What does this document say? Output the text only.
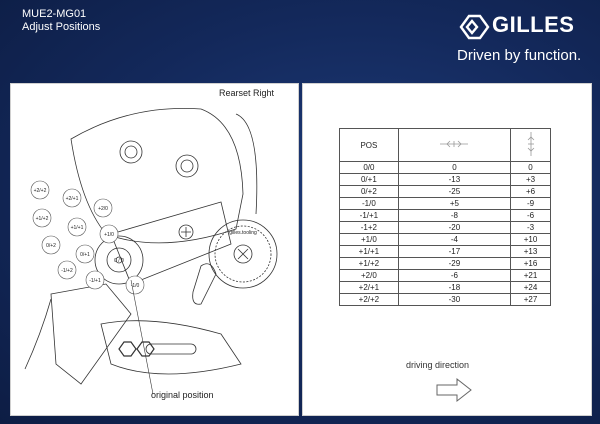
MUE2-MG01
Adjust Positions	GILLES
Driven by function.
Rearset Right
+2/+2
+2/+1
+2/0
+1/+2
+1/+1
+1/0
0/+2
0/+1
-1/+2
-1/+1
-1/0
0 / 0
gilles.tooling
original position
POS		
0/0	0	0
0/+1	-13	+3
0/+2	-25	+6
-1/0	+5	-9
-1/+1	-8	-6
-1+2	-20	-3
+1/0	-4	+10
+1/+1	-17	+13
+1/+2	-29	+16
+2/0	-6	+21
+2/+1	-18	+24
+2/+2	-30	+27
driving direction
